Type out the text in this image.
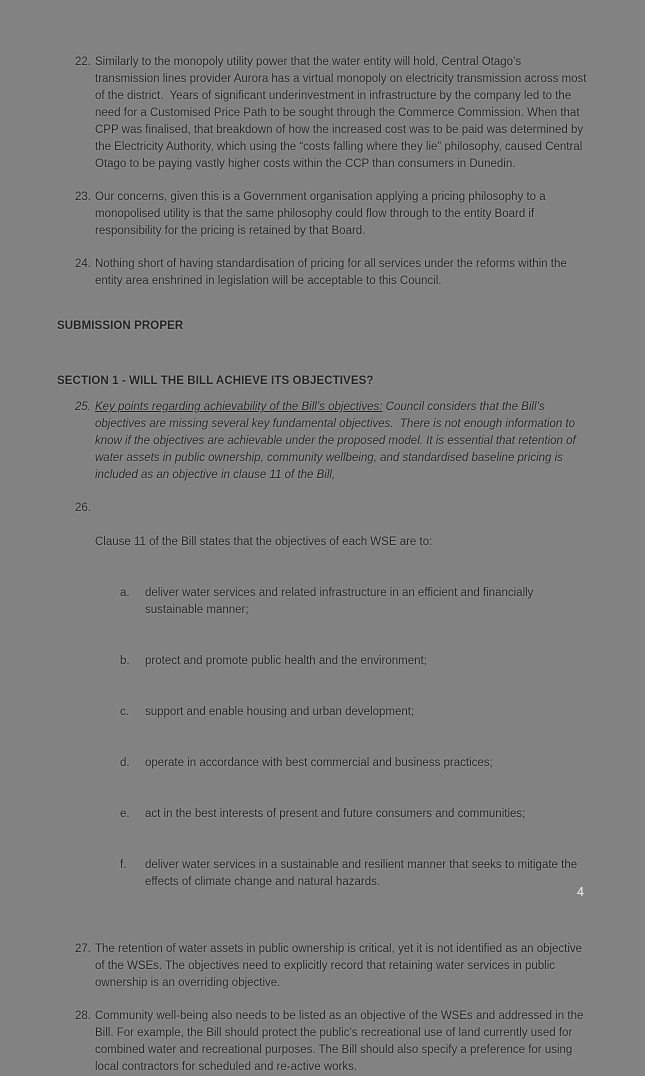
22. Similarly to the monopoly utility power that the water entity will hold, Central Otago’s transmission lines provider Aurora has a virtual monopoly on electricity transmission across most of the district.  Years of significant underinvestment in infrastructure by the company led to the need for a Customised Price Path to be sought through the Commerce Commission. When that CPP was finalised, that breakdown of how the increased cost was to be paid was determined by the Electricity Authority, which using the “costs falling where they lie” philosophy, caused Central Otago to be paying vastly higher costs within the CCP than consumers in Dunedin.
23. Our concerns, given this is a Government organisation applying a pricing philosophy to a monopolised utility is that the same philosophy could flow through to the entity Board if responsibility for the pricing is retained by that Board.
24. Nothing short of having standardisation of pricing for all services under the reforms within the entity area enshrined in legislation will be acceptable to this Council.
SUBMISSION PROPER
SECTION 1 - WILL THE BILL ACHIEVE ITS OBJECTIVES?
25. Key points regarding achievability of the Bill’s objectives: Council considers that the Bill’s objectives are missing several key fundamental objectives.  There is not enough information to know if the objectives are achievable under the proposed model. It is essential that retention of water assets in public ownership, community wellbeing, and standardised baseline pricing is included as an objective in clause 11 of the Bill,
26.

Clause 11 of the Bill states that the objectives of each WSE are to:

a.	deliver water services and related infrastructure in an efficient and financially sustainable manner;

b.	protect and promote public health and the environment;

c.	support and enable housing and urban development;

d.	operate in accordance with best commercial and business practices;

e.	act in the best interests of present and future consumers and communities;

f.	deliver water services in a sustainable and resilient manner that seeks to mitigate the effects of climate change and natural hazards.

27. The retention of water assets in public ownership is critical, yet it is not identified as an objective of the WSEs. The objectives need to explicitly record that retaining water services in public ownership is an overriding objective.
28. Community well-being also needs to be listed as an objective of the WSEs and addressed in the Bill. For example, the Bill should protect the public’s recreational use of land currently used for combined water and recreational purposes. The Bill should also specify a preference for using local contractors for scheduled and re-active works.
4
